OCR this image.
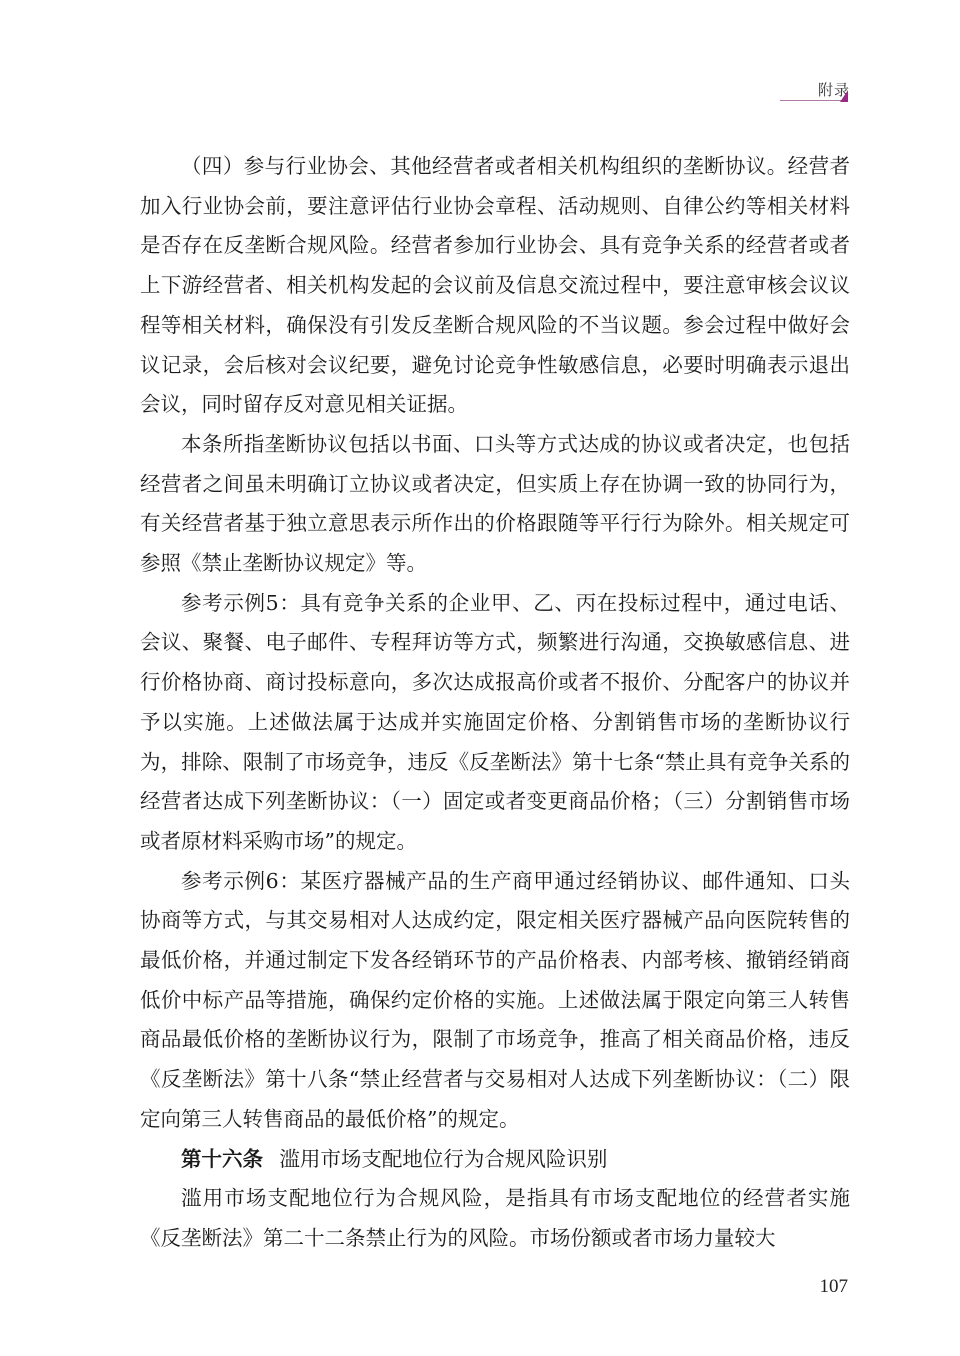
附录

（四）参与行业协会、其他经营者或者相关机构组织的垄断协议。经营者加入行业协会前，要注意评估行业协会章程、活动规则、自律公约等相关材料是否存在反垄断合规风险。经营者参加行业协会、具有竞争关系的经营者或者上下游经营者、相关机构发起的会议前及信息交流过程中，要注意审核会议议程等相关材料，确保没有引发反垄断合规风险的不当议题。参会过程中做好会议记录，会后核对会议纪要，避免讨论竞争性敏感信息，必要时明确表示退出会议，同时留存反对意见相关证据。

本条所指垄断协议包括以书面、口头等方式达成的协议或者决定，也包括经营者之间虽未明确订立协议或者决定，但实质上存在协调一致的协同行为，有关经营者基于独立意思表示所作出的价格跟随等平行行为除外。相关规定可参照《禁止垄断协议规定》等。

参考示例5：具有竞争关系的企业甲、乙、丙在投标过程中，通过电话、会议、聚餐、电子邮件、专程拜访等方式，频繁进行沟通，交换敏感信息、进行价格协商、商讨投标意向，多次达成报高价或者不报价、分配客户的协议并予以实施。上述做法属于达成并实施固定价格、分割销售市场的垄断协议行为，排除、限制了市场竞争，违反《反垄断法》第十七条“禁止具有竞争关系的经营者达成下列垄断协议：（一）固定或者变更商品价格；（三）分割销售市场或者原材料采购市场”的规定。

参考示例6：某医疗器械产品的生产商甲通过经销协议、邮件通知、口头协商等方式，与其交易相对人达成约定，限定相关医疗器械产品向医院转售的最低价格，并通过制定下发各经销环节的产品价格表、内部考核、撤销经销商低价中标产品等措施，确保约定价格的实施。上述做法属于限定向第三人转售商品最低价格的垄断协议行为，限制了市场竞争，推高了相关商品价格，违反《反垄断法》第十八条“禁止经营者与交易相对人达成下列垄断协议：（二）限定向第三人转售商品的最低价格”的规定。

第十六条 滥用市场支配地位行为合规风险识别

滥用市场支配地位行为合规风险，是指具有市场支配地位的经营者实施《反垄断法》第二十二条禁止行为的风险。市场份额或者市场力量较大

107
